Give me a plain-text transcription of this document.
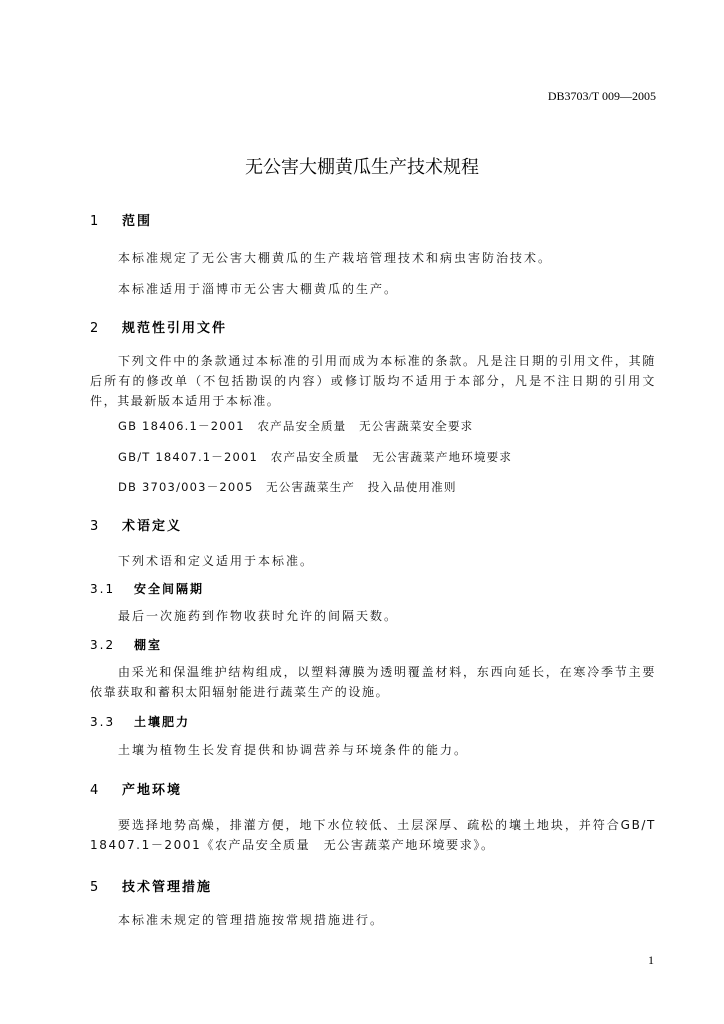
DB3703/T 009—2005
无公害大棚黄瓜生产技术规程
1 范围
本标准规定了无公害大棚黄瓜的生产栽培管理技术和病虫害防治技术。
本标准适用于淄博市无公害大棚黄瓜的生产。
2 规范性引用文件
下列文件中的条款通过本标准的引用而成为本标准的条款。凡是注日期的引用文件，其随后所有的修改单（不包括勘误的内容）或修订版均不适用于本部分，凡是不注日期的引用文件，其最新版本适用于本标准。
GB 18406.1－2001　农产品安全质量　无公害蔬菜安全要求
GB/T 18407.1－2001　农产品安全质量　无公害蔬菜产地环境要求
DB 3703/003－2005　无公害蔬菜生产　投入品使用准则
3 术语定义
下列术语和定义适用于本标准。
3.1 安全间隔期
最后一次施药到作物收获时允许的间隔天数。
3.2 棚室
由采光和保温维护结构组成，以塑料薄膜为透明覆盖材料，东西向延长，在寒冷季节主要依靠获取和蓄积太阳辐射能进行蔬菜生产的设施。
3.3 土壤肥力
土壤为植物生长发育提供和协调营养与环境条件的能力。
4 产地环境
要选择地势高燥，排灌方便，地下水位较低、土层深厚、疏松的壤土地块，并符合GB/T 18407.1－2001《农产品安全质量　无公害蔬菜产地环境要求》。
5 技术管理措施
本标准未规定的管理措施按常规措施进行。
1
